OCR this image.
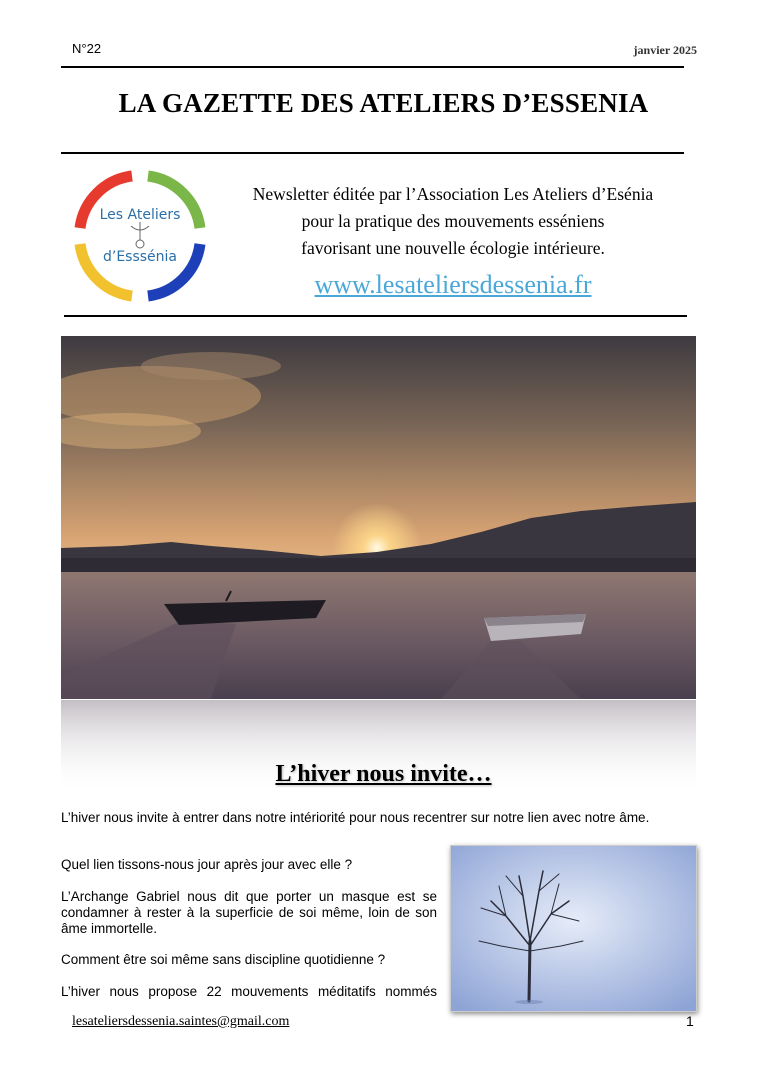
N°22	janvier 2025
LA GAZETTE DES ATELIERS D’ESSENIA
Les Ateliers
d’Esssénia
Newsletter éditée par l’Association Les Ateliers d’Esénia
pour la pratique des mouvements esséniens
favorisant une nouvelle écologie intérieure.
www.lesateliersdessenia.fr
L’hiver nous invite…
L’hiver nous invite à entrer dans notre intériorité pour nous recentrer sur notre lien avec notre âme.
Quel lien tissons-nous jour après jour avec elle ?
L’Archange Gabriel nous dit que porter un masque est se condamner à rester à la superficie de soi même, loin de son âme immortelle.
Comment être soi même sans discipline quotidienne ?
L’hiver nous propose 22 mouvements méditatifs nommés
lesateliersdessenia.saintes@gmail.com	1
